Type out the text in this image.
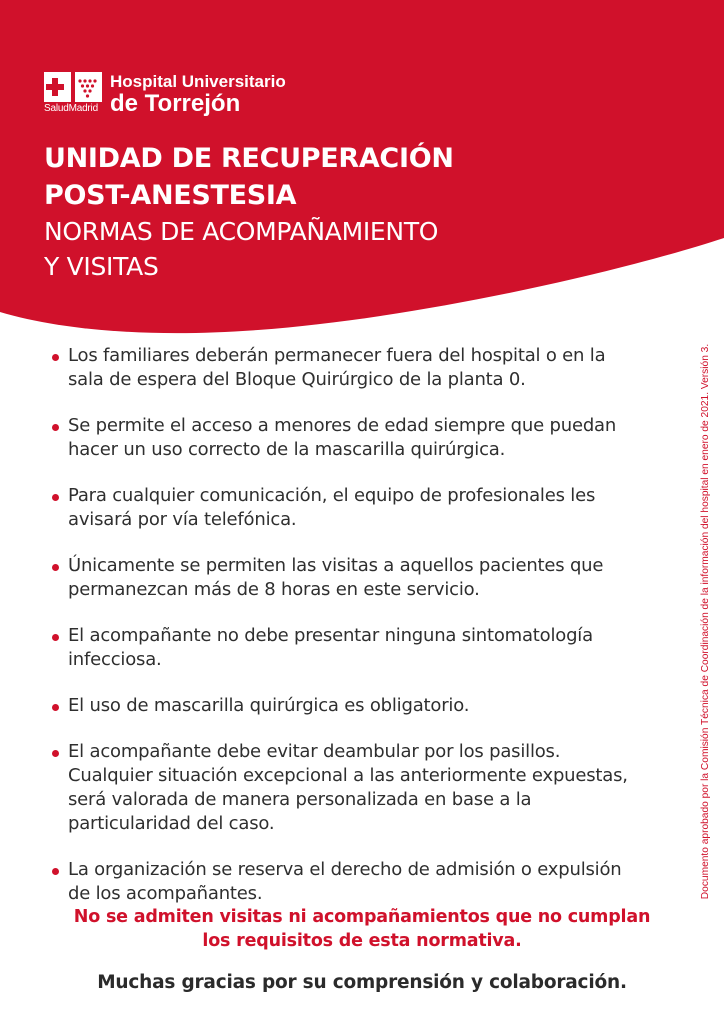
SaludMadrid
Hospital Universitario
de Torrejón
UNIDAD DE RECUPERACIÓN
POST-ANESTESIA
NORMAS DE ACOMPAÑAMIENTO
Y VISITAS
Los familiares deberán permanecer fuera del hospital o en la
sala de espera del Bloque Quirúrgico de la planta 0.
Se permite el acceso a menores de edad siempre que puedan
hacer un uso correcto de la mascarilla quirúrgica.
Para cualquier comunicación, el equipo de profesionales les
avisará por vía telefónica.
Únicamente se permiten las visitas a aquellos pacientes que
permanezcan más de 8 horas en este servicio.
El acompañante no debe presentar ninguna sintomatología
infecciosa.
El uso de mascarilla quirúrgica es obligatorio.
El acompañante debe evitar deambular por los pasillos.
Cualquier situación excepcional a las anteriormente expuestas,
será valorada de manera personalizada en base a la
particularidad del caso.
La organización se reserva el derecho de admisión o expulsión
de los acompañantes.

No se admiten visitas ni acompañamientos que no cumplan
los requisitos de esta normativa.

Muchas gracias por su comprensión y colaboración.

Documento aprobado por la Comisión Técnica de Coordinación de la información del hospital en enero de 2021. Versión 3.
